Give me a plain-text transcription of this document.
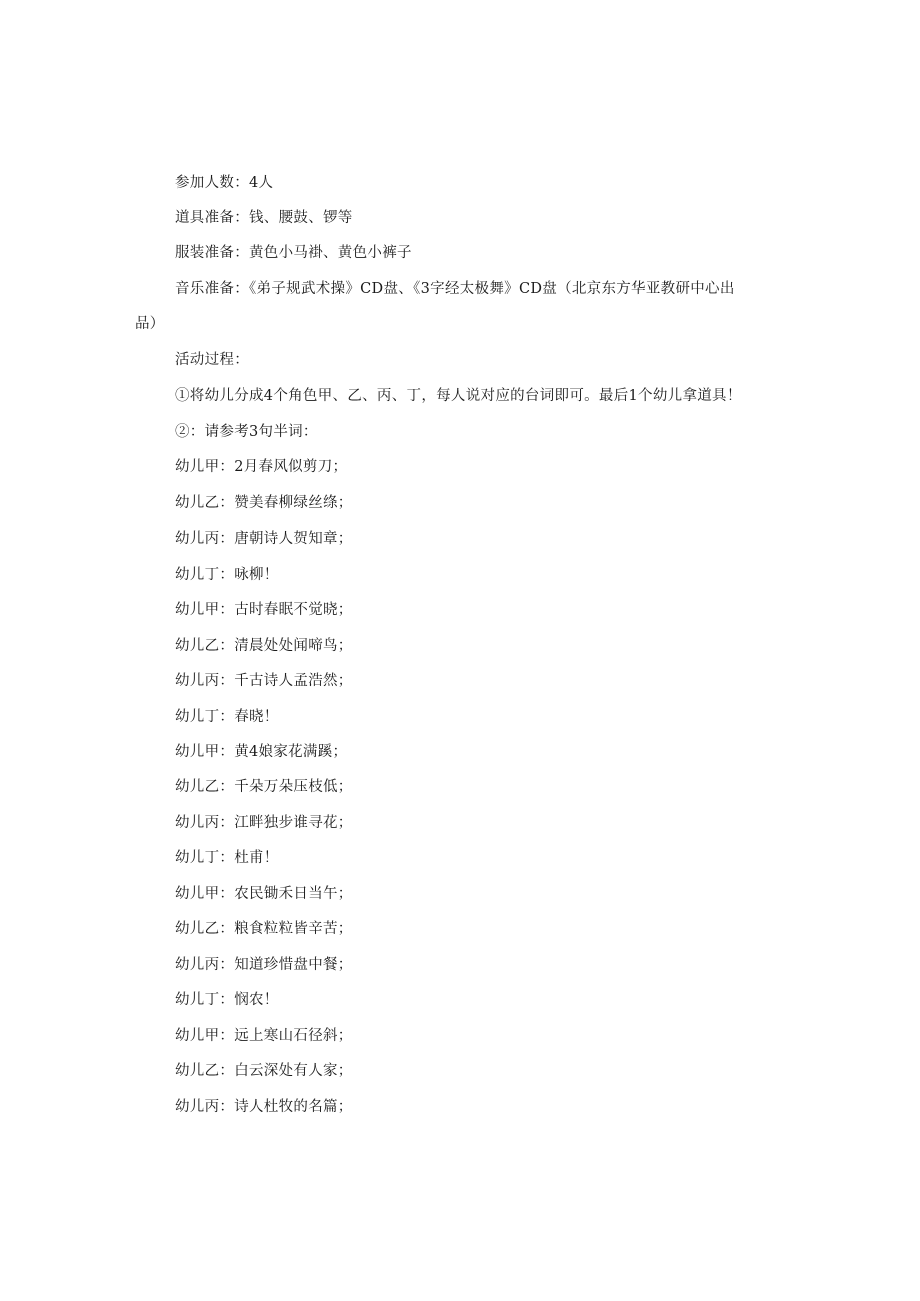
参加人数：4人
道具准备：钱、腰鼓、锣等
服装准备：黄色小马褂、黄色小裤子
音乐准备：《弟子规武术操》CD盘、《3字经太极舞》CD盘（北京东方华亚教研中心出
品）
活动过程：
①将幼儿分成4个角色甲、乙、丙、丁，每人说对应的台词即可。最后1个幼儿拿道具！
②：请参考3句半词：
幼儿甲：2月春风似剪刀；
幼儿乙：赞美春柳绿丝绦；
幼儿丙：唐朝诗人贺知章；
幼儿丁：咏柳！
幼儿甲：古时春眠不觉晓；
幼儿乙：清晨处处闻啼鸟；
幼儿丙：千古诗人孟浩然；
幼儿丁：春晓！
幼儿甲：黄4娘家花满蹊；
幼儿乙：千朵万朵压枝低；
幼儿丙：江畔独步谁寻花；
幼儿丁：杜甫！
幼儿甲：农民锄禾日当午；
幼儿乙：粮食粒粒皆辛苦；
幼儿丙：知道珍惜盘中餐；
幼儿丁：悯农！
幼儿甲：远上寒山石径斜；
幼儿乙：白云深处有人家；
幼儿丙：诗人杜牧的名篇；
